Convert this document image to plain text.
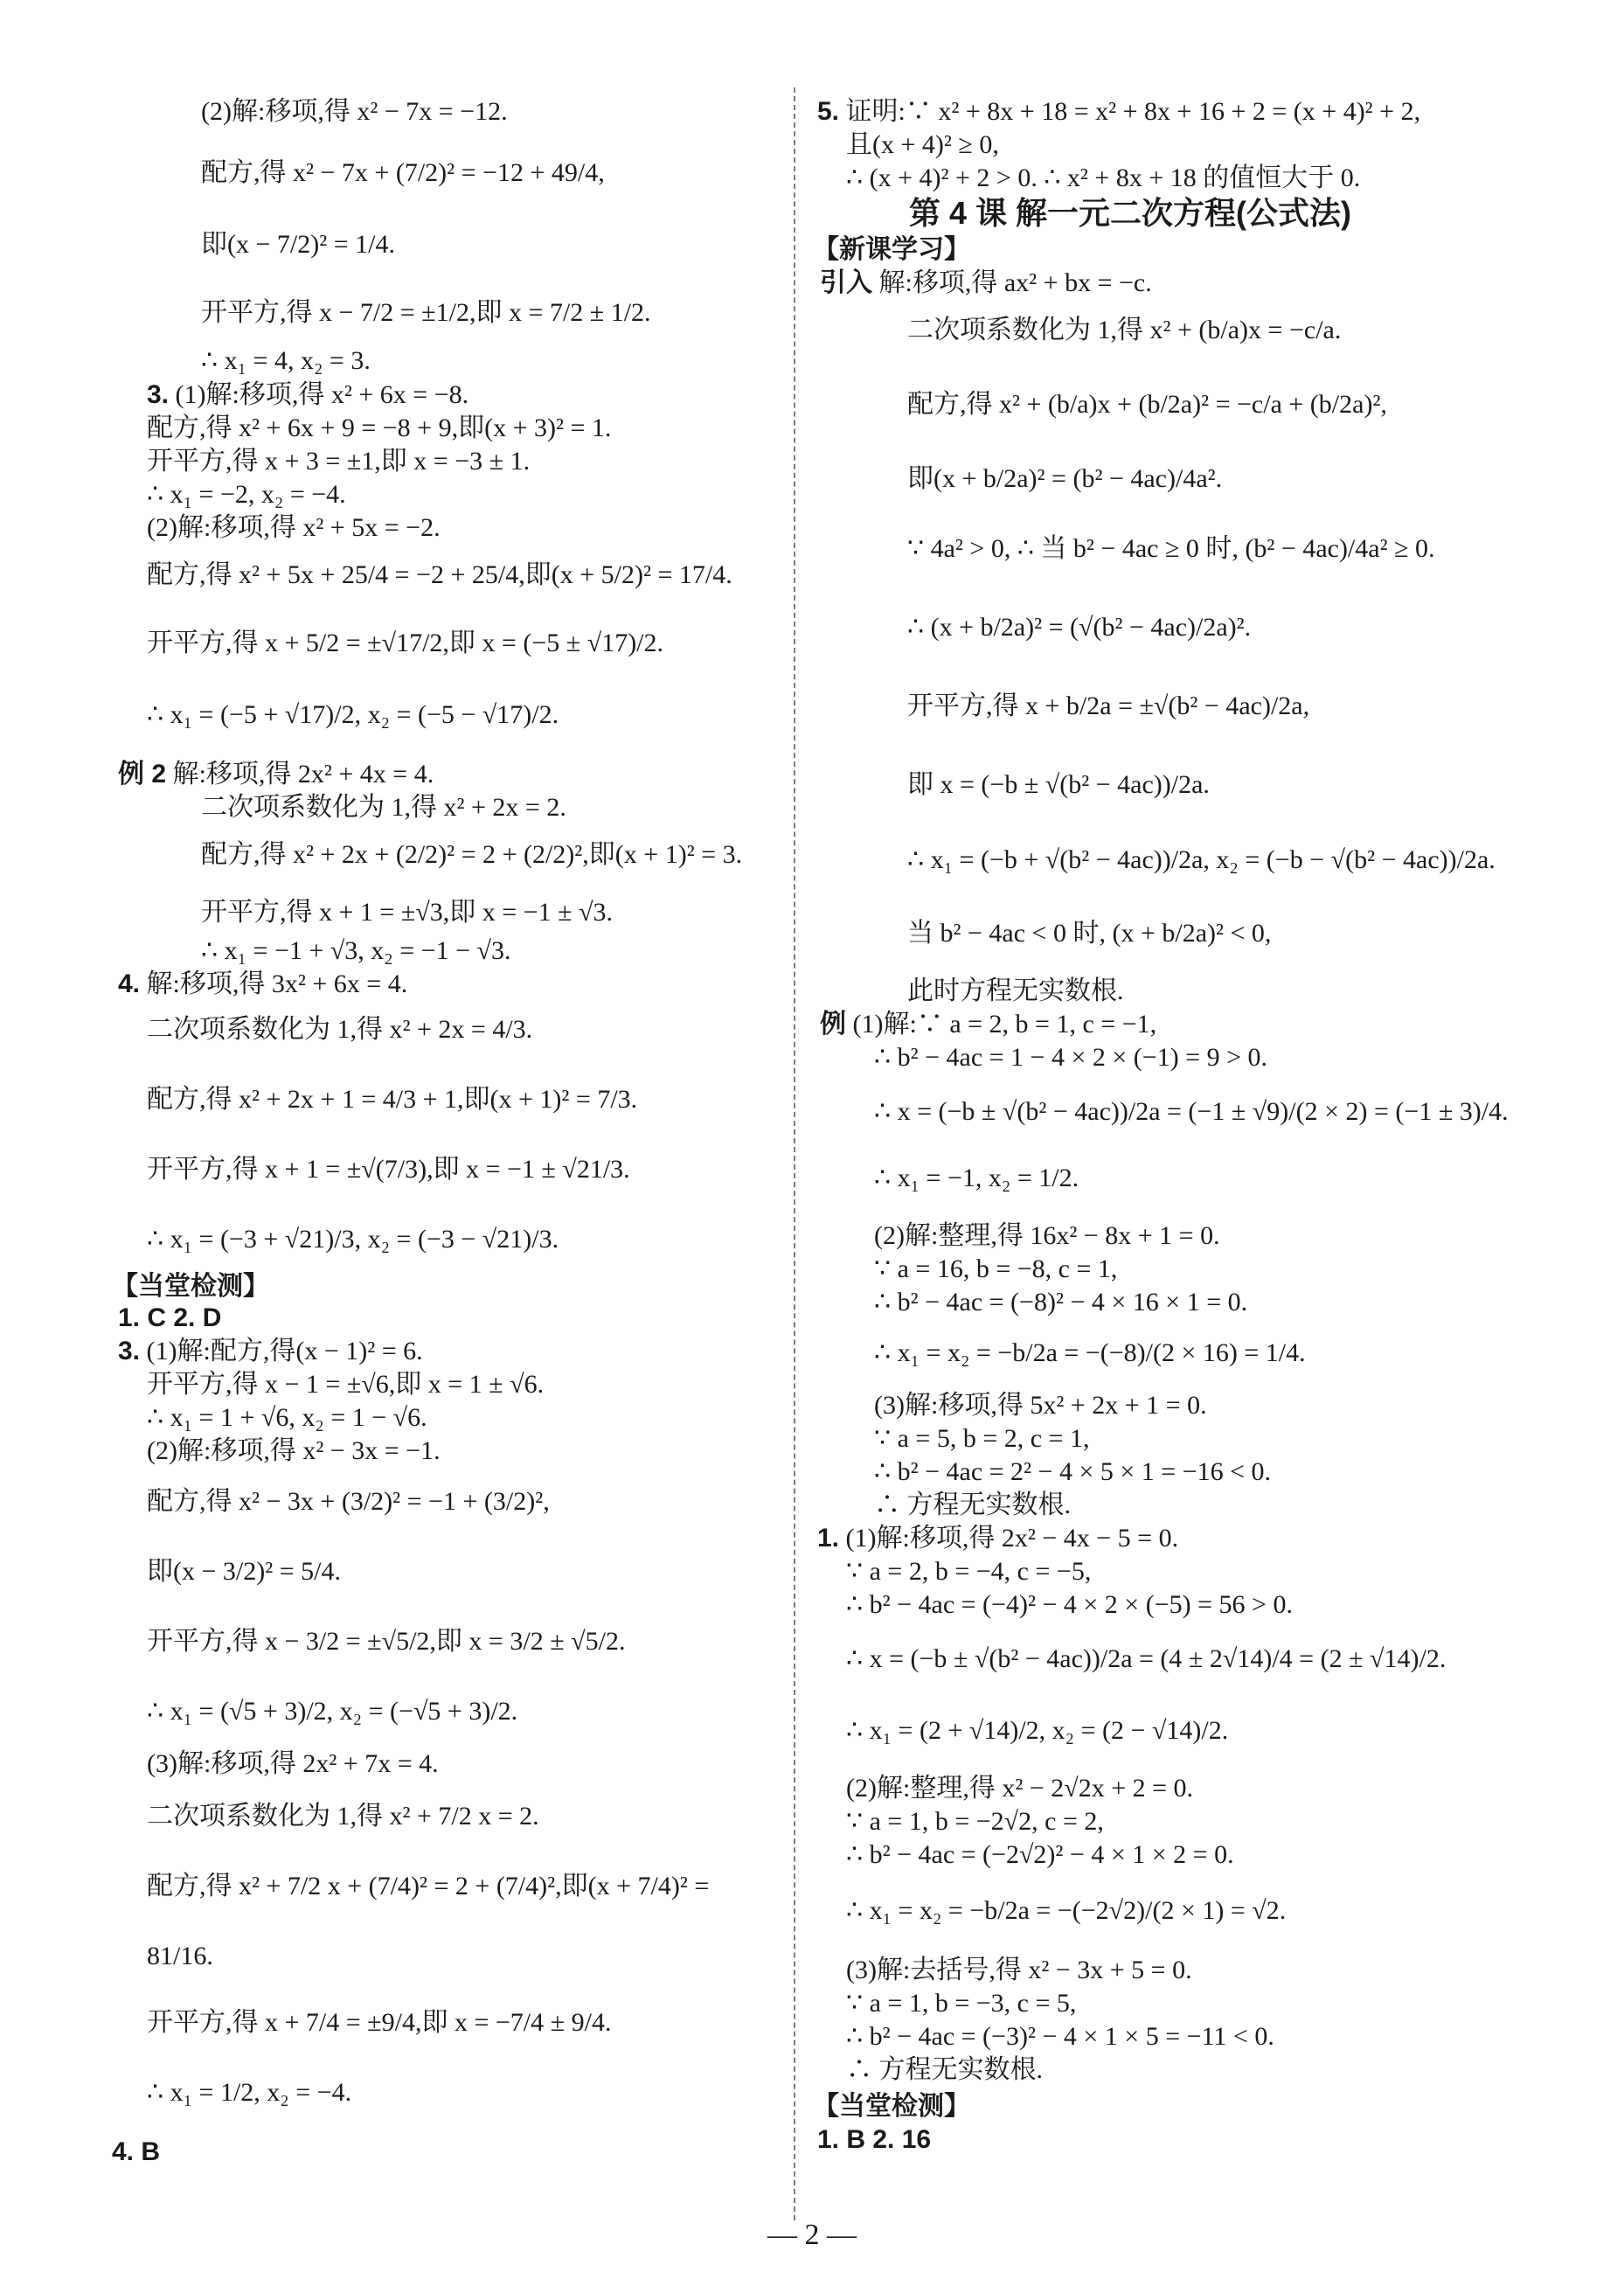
(2)解:移项,得 x² − 7x = −12.
配方,得 x² − 7x + (7/2)² = −12 + 49/4,
即(x − 7/2)² = 1/4.
开平方,得 x − 7/2 = ±1/2,即 x = 7/2 ± 1/2.
∴ x₁ = 4, x₂ = 3.
3. (1)解:移项,得 x² + 6x = −8.
配方,得 x² + 6x + 9 = −8 + 9,即(x + 3)² = 1.
开平方,得 x + 3 = ±1,即 x = −3 ± 1.
∴ x₁ = −2, x₂ = −4.
(2)解:移项,得 x² + 5x = −2.
配方,得 x² + 5x + 25/4 = −2 + 25/4,即(x + 5/2)² = 17/4.
开平方,得 x + 5/2 = ±√17/2,即 x = (−5 ± √17)/2.
∴ x₁ = (−5 + √17)/2, x₂ = (−5 − √17)/2.
例 2 解:移项,得 2x² + 4x = 4.
二次项系数化为 1,得 x² + 2x = 2.
配方,得 x² + 2x + (2/2)² = 2 + (2/2)²,即(x + 1)² = 3.
开平方,得 x + 1 = ±√3,即 x = −1 ± √3.
∴ x₁ = −1 + √3, x₂ = −1 − √3.
4. 解:移项,得 3x² + 6x = 4.
二次项系数化为 1,得 x² + 2x = 4/3.
配方,得 x² + 2x + 1 = 4/3 + 1,即(x + 1)² = 7/3.
开平方,得 x + 1 = ±√(7/3),即 x = −1 ± √21/3.
∴ x₁ = (−3 + √21)/3, x₂ = (−3 − √21)/3.
【当堂检测】
1. C 2. D
3. (1)解:配方,得(x − 1)² = 6.
开平方,得 x − 1 = ±√6,即 x = 1 ± √6.
∴ x₁ = 1 + √6, x₂ = 1 − √6.
(2)解:移项,得 x² − 3x = −1.
配方,得 x² − 3x + (3/2)² = −1 + (3/2)²,
即(x − 3/2)² = 5/4.
开平方,得 x − 3/2 = ±√5/2,即 x = 3/2 ± √5/2.
∴ x₁ = (√5 + 3)/2, x₂ = (−√5 + 3)/2.
(3)解:移项,得 2x² + 7x = 4.
二次项系数化为 1,得 x² + 7/2 x = 2.
配方,得 x² + 7/2 x + (7/4)² = 2 + (7/4)²,即(x + 7/4)² =
81/16.
开平方,得 x + 7/4 = ±9/4,即 x = −7/4 ± 9/4.
∴ x₁ = 1/2, x₂ = −4.
4. B
5. 证明:∵ x² + 8x + 18 = x² + 8x + 16 + 2 = (x + 4)² + 2,
且(x + 4)² ≥ 0,
∴ (x + 4)² + 2 > 0. ∴ x² + 8x + 18 的值恒大于 0.
第 4 课 解一元二次方程(公式法)
【新课学习】
引入 解:移项,得 ax² + bx = −c.
二次项系数化为 1,得 x² + (b/a)x = −c/a.
配方,得 x² + (b/a)x + (b/2a)² = −c/a + (b/2a)²,
即(x + b/2a)² = (b² − 4ac)/4a².
∵ 4a² > 0, ∴ 当 b² − 4ac ≥ 0 时, (b² − 4ac)/4a² ≥ 0.
∴ (x + b/2a)² = (√(b² − 4ac)/2a)².
开平方,得 x + b/2a = ±√(b² − 4ac)/2a,
即 x = (−b ± √(b² − 4ac))/2a.
∴ x₁ = (−b + √(b² − 4ac))/2a, x₂ = (−b − √(b² − 4ac))/2a.
当 b² − 4ac < 0 时, (x + b/2a)² < 0,
此时方程无实数根.
例 (1)解:∵ a = 2, b = 1, c = −1,
∴ b² − 4ac = 1 − 4 × 2 × (−1) = 9 > 0.
∴ x = (−b ± √(b² − 4ac))/2a = (−1 ± √9)/(2 × 2) = (−1 ± 3)/4.
∴ x₁ = −1, x₂ = 1/2.
(2)解:整理,得 16x² − 8x + 1 = 0.
∵ a = 16, b = −8, c = 1,
∴ b² − 4ac = (−8)² − 4 × 16 × 1 = 0.
∴ x₁ = x₂ = −b/2a = −(−8)/(2 × 16) = 1/4.
(3)解:移项,得 5x² + 2x + 1 = 0.
∵ a = 5, b = 2, c = 1,
∴ b² − 4ac = 2² − 4 × 5 × 1 = −16 < 0.
∴ 方程无实数根.
1. (1)解:移项,得 2x² − 4x − 5 = 0.
∵ a = 2, b = −4, c = −5,
∴ b² − 4ac = (−4)² − 4 × 2 × (−5) = 56 > 0.
∴ x = (−b ± √(b² − 4ac))/2a = (4 ± 2√14)/4 = (2 ± √14)/2.
∴ x₁ = (2 + √14)/2, x₂ = (2 − √14)/2.
(2)解:整理,得 x² − 2√2x + 2 = 0.
∵ a = 1, b = −2√2, c = 2,
∴ b² − 4ac = (−2√2)² − 4 × 1 × 2 = 0.
∴ x₁ = x₂ = −b/2a = −(−2√2)/(2 × 1) = √2.
(3)解:去括号,得 x² − 3x + 5 = 0.
∵ a = 1, b = −3, c = 5,
∴ b² − 4ac = (−3)² − 4 × 1 × 5 = −11 < 0.
∴ 方程无实数根.
【当堂检测】
1. B 2. 16
— 2 —
